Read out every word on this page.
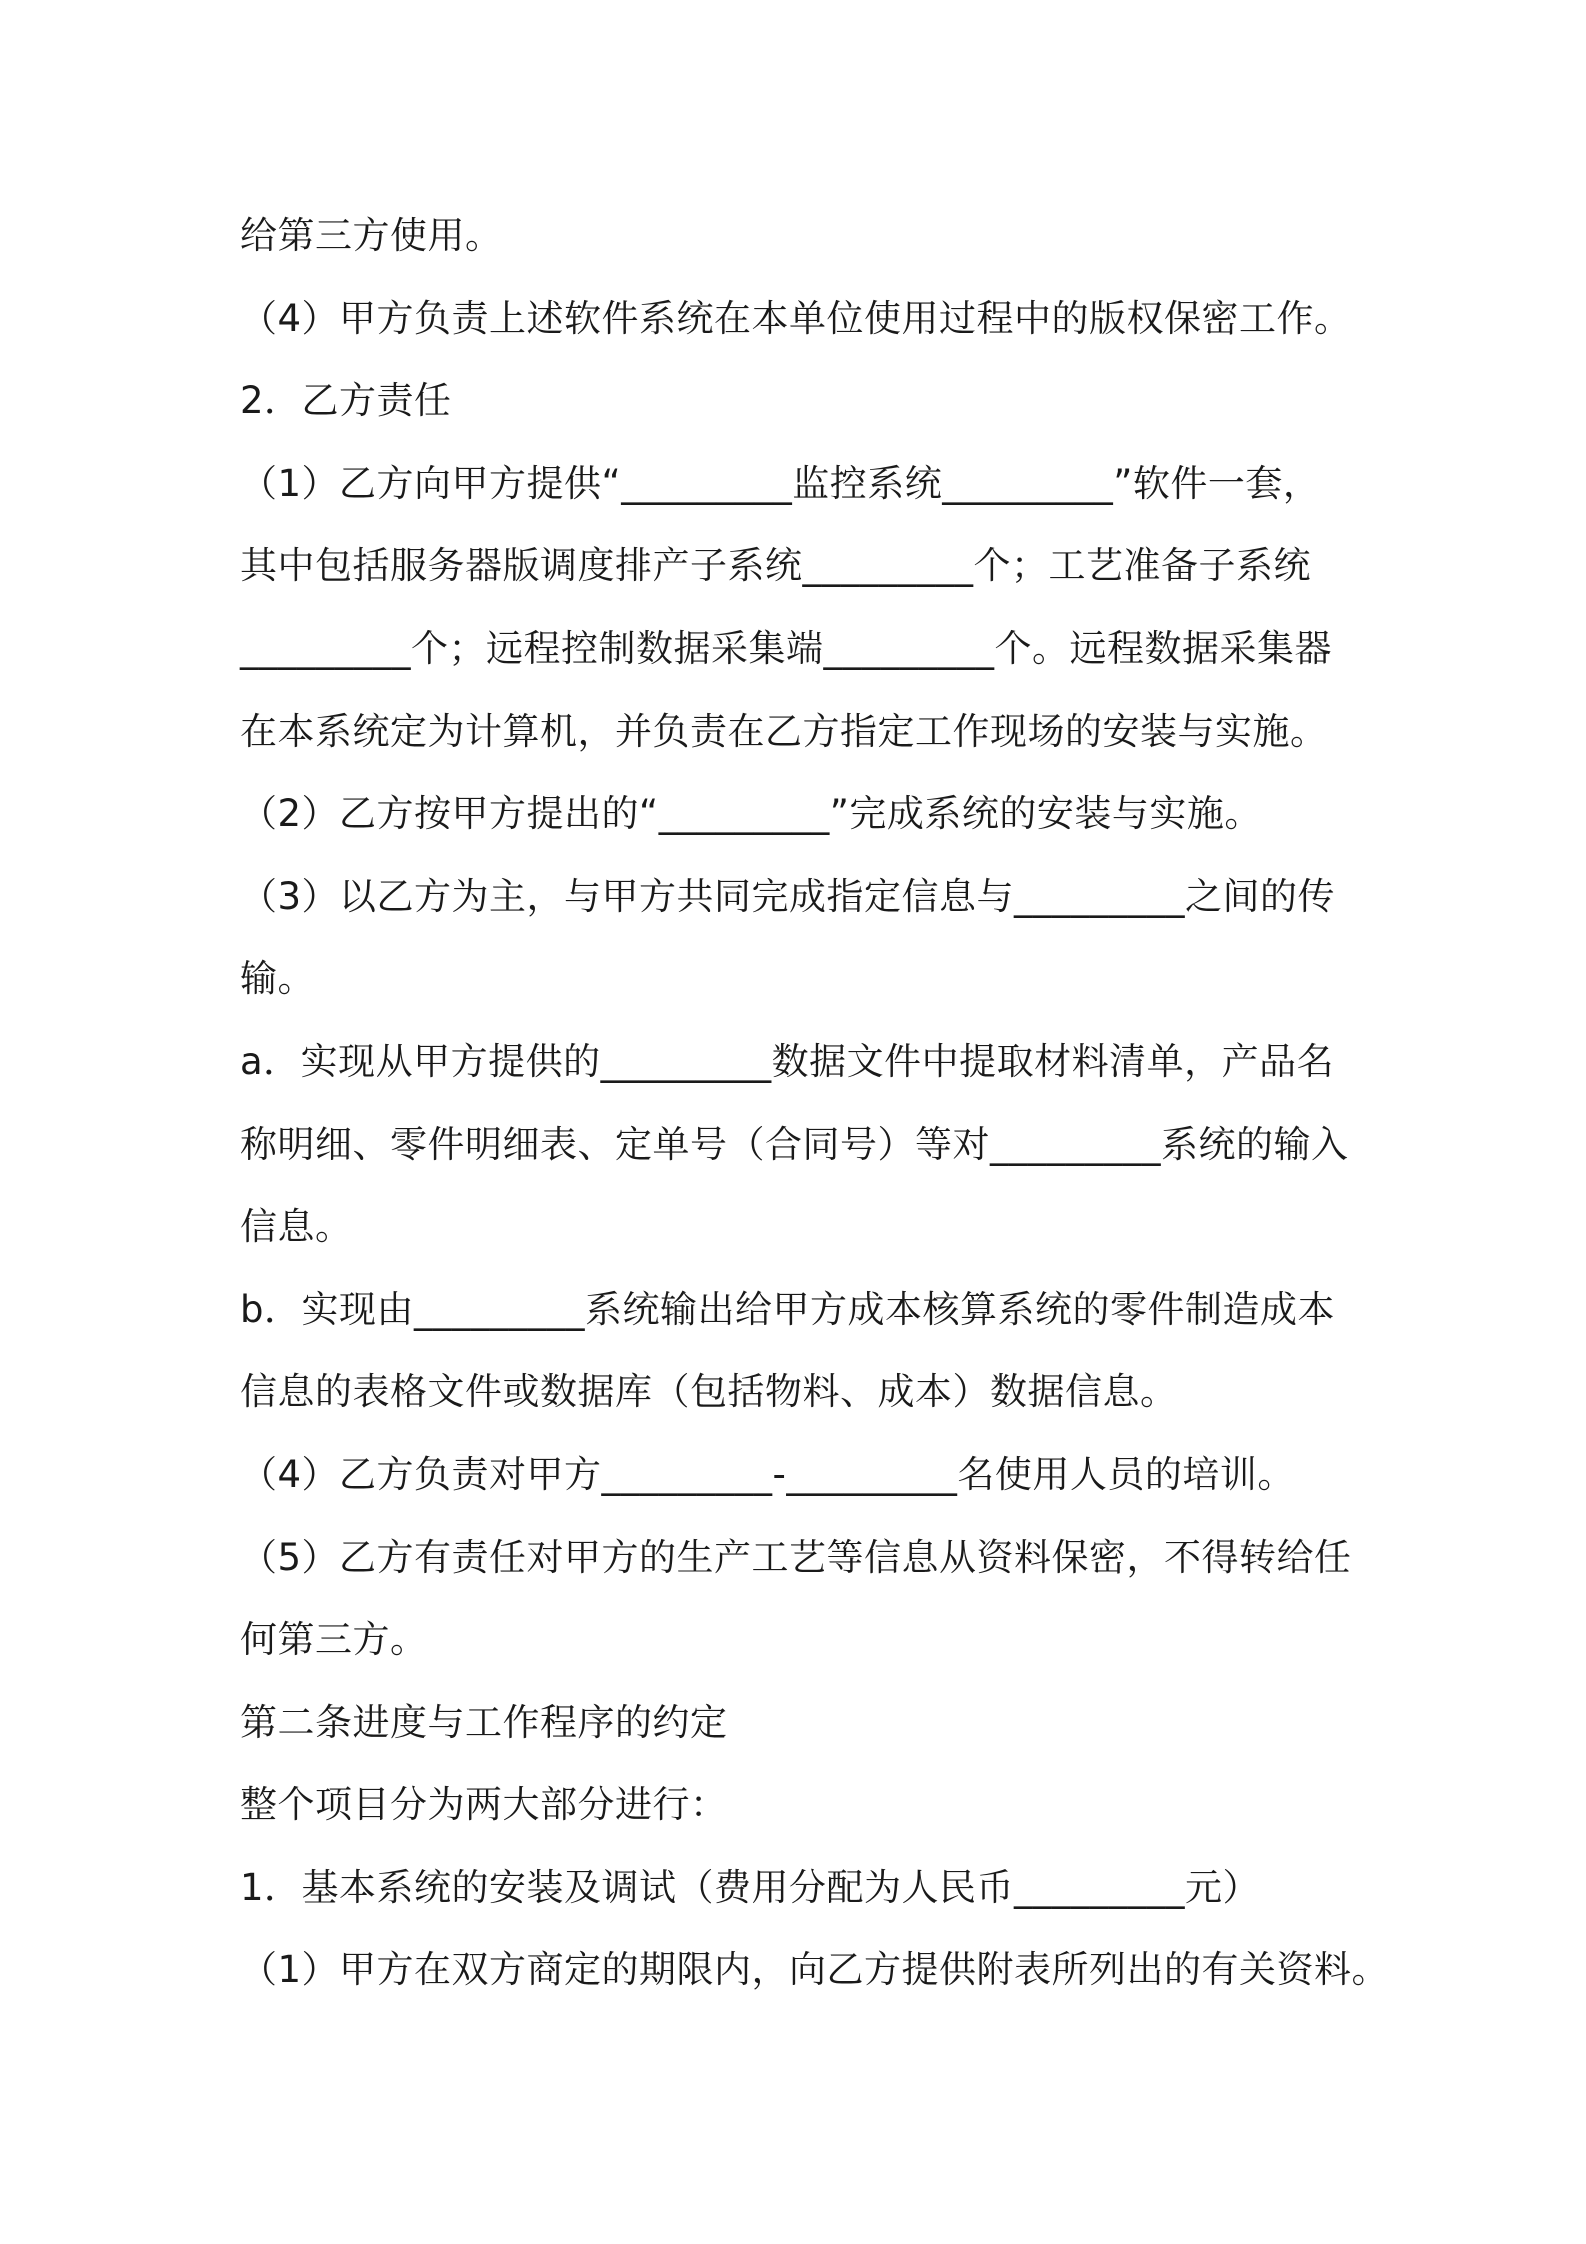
给第三方使用。
（4）甲方负责上述软件系统在本单位使用过程中的版权保密工作。
2．乙方责任
（1）乙方向甲方提供“_________监控系统_________”软件一套，
其中包括服务器版调度排产子系统_________个；工艺准备子系统
_________个；远程控制数据采集端_________个。远程数据采集器
在本系统定为计算机，并负责在乙方指定工作现场的安装与实施。
（2）乙方按甲方提出的“_________”完成系统的安装与实施。
（3）以乙方为主，与甲方共同完成指定信息与_________之间的传
输。
a．实现从甲方提供的_________数据文件中提取材料清单，产品名
称明细、零件明细表、定单号（合同号）等对_________系统的输入
信息。
b．实现由_________系统输出给甲方成本核算系统的零件制造成本
信息的表格文件或数据库（包括物料、成本）数据信息。
（4）乙方负责对甲方_________-_________名使用人员的培训。
（5）乙方有责任对甲方的生产工艺等信息从资料保密，不得转给任
何第三方。
第二条进度与工作程序的约定
整个项目分为两大部分进行：
1．基本系统的安装及调试（费用分配为人民币_________元）
（1）甲方在双方商定的期限内，向乙方提供附表所列出的有关资料。
